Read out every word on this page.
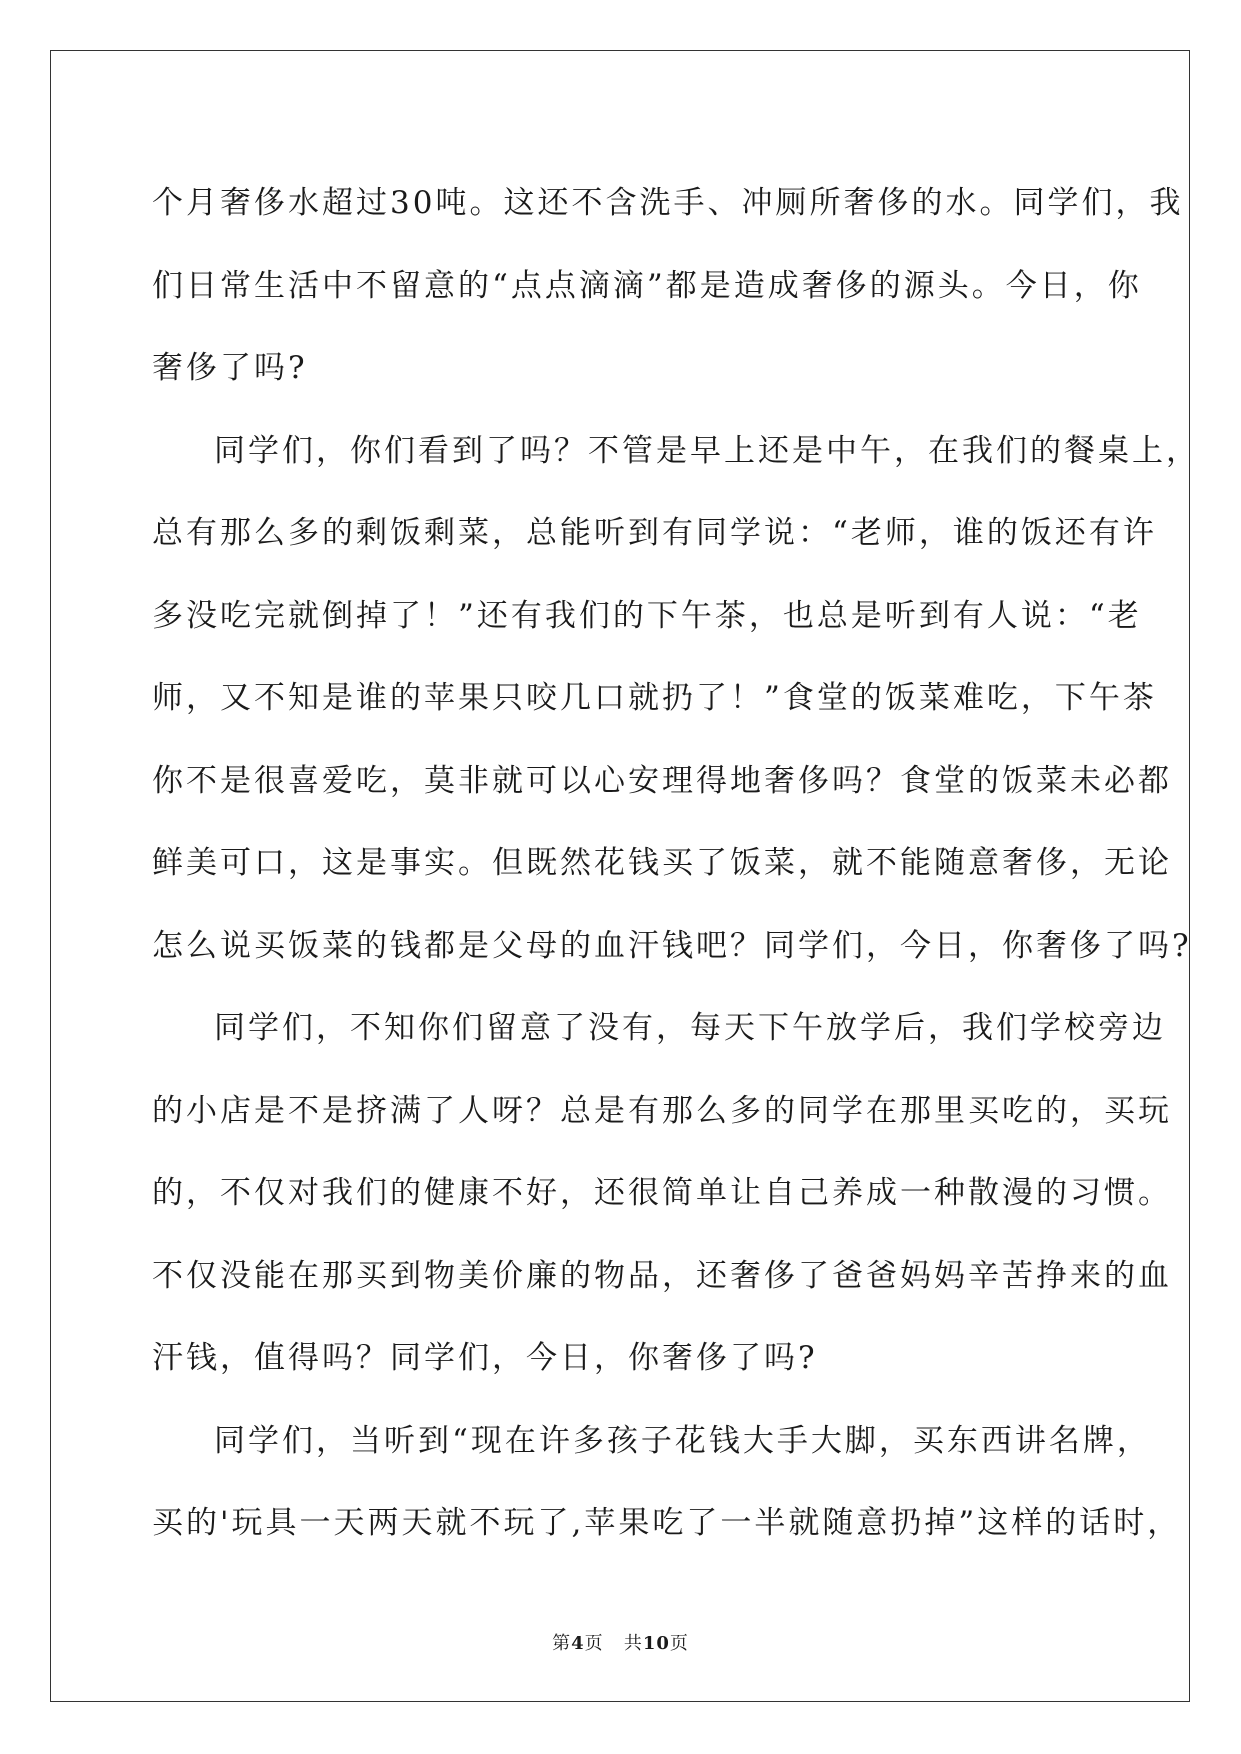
个月奢侈水超过30吨。这还不含洗手、冲厕所奢侈的水。同学们，我
们日常生活中不留意的“点点滴滴”都是造成奢侈的源头。今日，你
奢侈了吗?

同学们，你们看到了吗？不管是早上还是中午，在我们的餐桌上，
总有那么多的剩饭剩菜，总能听到有同学说：“老师，谁的饭还有许
多没吃完就倒掉了！”还有我们的下午茶，也总是听到有人说：“老
师，又不知是谁的苹果只咬几口就扔了！”食堂的饭菜难吃，下午茶
你不是很喜爱吃，莫非就可以心安理得地奢侈吗？食堂的饭菜未必都
鲜美可口，这是事实。但既然花钱买了饭菜，就不能随意奢侈，无论
怎么说买饭菜的钱都是父母的血汗钱吧？同学们，今日，你奢侈了吗?

同学们，不知你们留意了没有，每天下午放学后，我们学校旁边
的小店是不是挤满了人呀？总是有那么多的同学在那里买吃的，买玩
的，不仅对我们的健康不好，还很简单让自己养成一种散漫的习惯。
不仅没能在那买到物美价廉的物品，还奢侈了爸爸妈妈辛苦挣来的血
汗钱，值得吗？同学们，今日，你奢侈了吗?

同学们，当听到“现在许多孩子花钱大手大脚，买东西讲名牌，
买的'玩具一天两天就不玩了,苹果吃了一半就随意扔掉”这样的话时，

第4页 共10页
